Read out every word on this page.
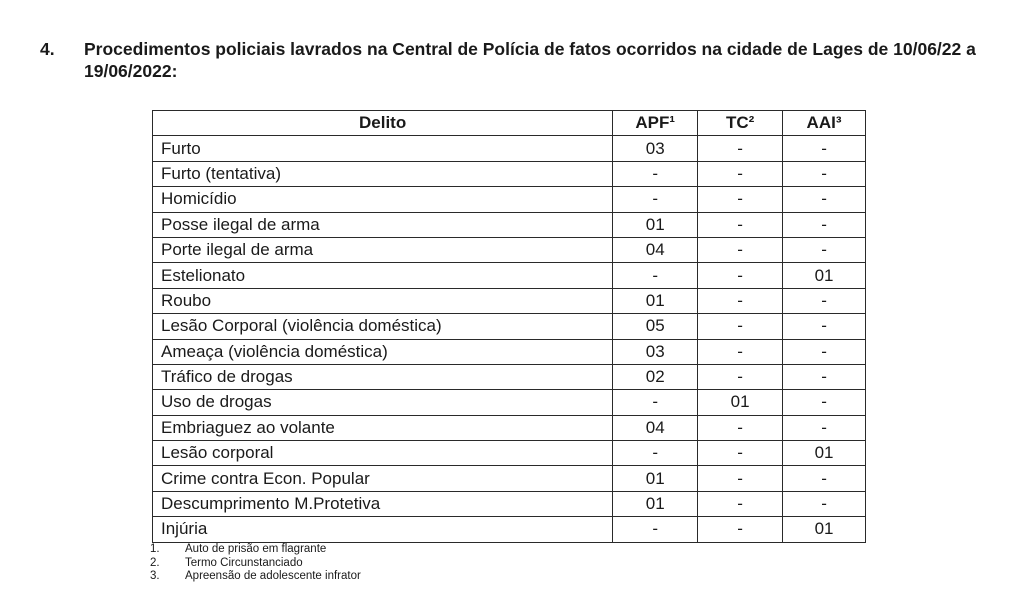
4.	Procedimentos policiais lavrados na Central de Polícia de fatos ocorridos na cidade de Lages de 10/06/22 a 19/06/2022:
Delito	APF¹	TC²	AAI³
Furto	03	-	-
Furto (tentativa)	-	-	-
Homicídio	-	-	-
Posse ilegal de arma	01	-	-
Porte ilegal de arma	04	-	-
Estelionato	-	-	01
Roubo	01	-	-
Lesão Corporal (violência doméstica)	05	-	-
Ameaça (violência doméstica)	03	-	-
Tráfico de drogas	02	-	-
Uso de drogas	-	01	-
Embriaguez ao volante	04	-	-
Lesão corporal	-	-	01
Crime contra Econ. Popular	01	-	-
Descumprimento M.Protetiva	01	-	-
Injúria	-	-	01
1.	Auto de prisão em flagrante
2.	Termo Circunstanciado
3.	Apreensão de adolescente infrator
